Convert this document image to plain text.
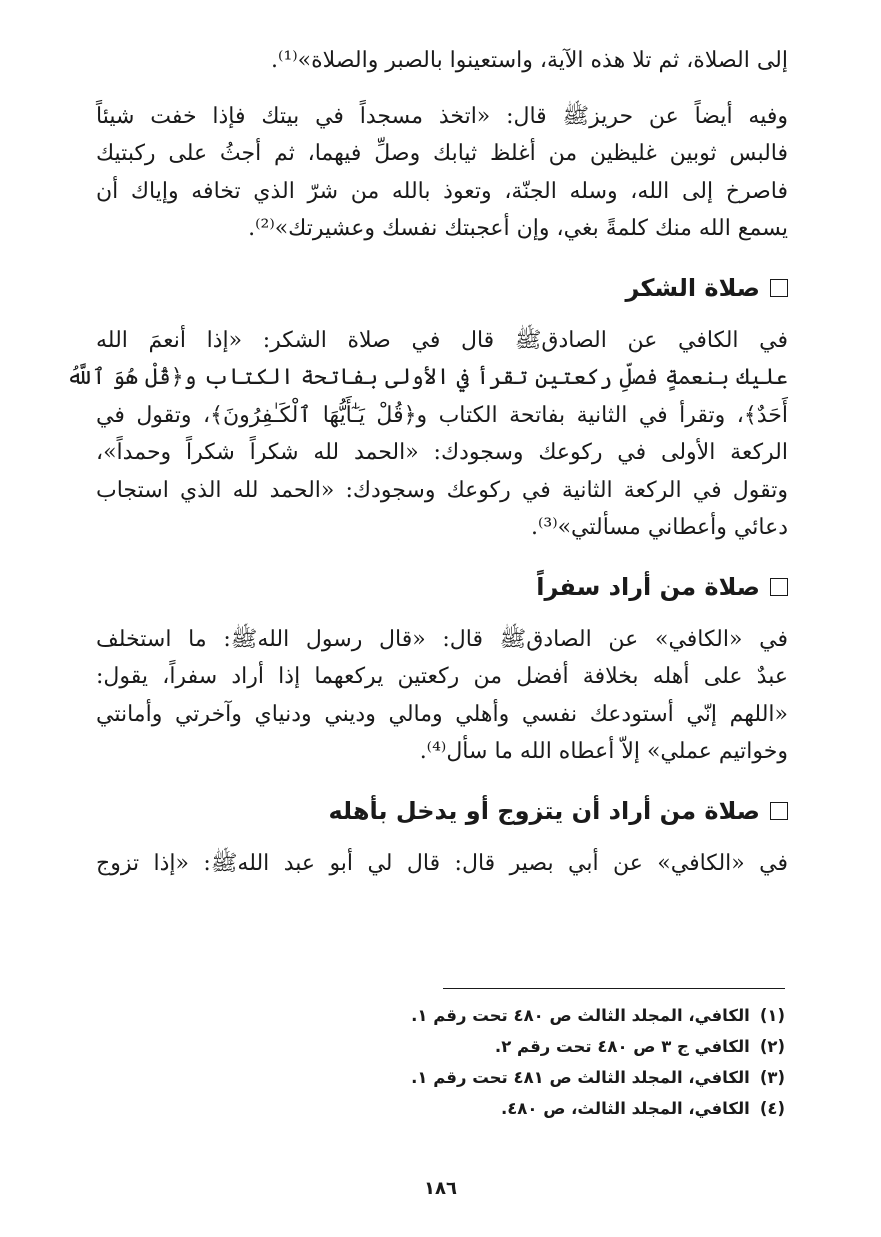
إلى الصلاة، ثم تلا هذه الآية، واستعينوا بالصبر والصلاة»⁽¹⁾.
وفيه أيضاً عن حريزﷺ قال: «اتخذ مسجداً في بيتك فإذا خفت شيئاً
فالبس ثوبين غليظين من أغلظ ثيابك وصلِّ فيهما، ثم أجثُ على ركبتيك
فاصرخ إلى الله، وسله الجنّة، وتعوذ بالله من شرّ الذي تخافه وإياك أن
يسمع الله منك كلمةً بغي، وإن أعجبتك نفسك وعشيرتك»⁽²⁾.
صلاة الشكر
في الكافي عن الصادقﷺ قال في صلاة الشكر: «إذا أنعمَ الله
عليك بنعمةٍ فصلِّ ركعتين تقرأ في الأولى بفاتحة الكتاب و﴿قُلْ هُوَ ٱللَّهُ
أَحَدٌ﴾، وتقرأ في الثانية بفاتحة الكتاب و﴿قُلْ يَـٰٓأَيُّهَا ٱلْكَـٰفِرُونَ﴾، وتقول في
الركعة الأولى في ركوعك وسجودك: «الحمد لله شكراً شكراً وحمداً»،
وتقول في الركعة الثانية في ركوعك وسجودك: «الحمد لله الذي استجاب
دعائي وأعطاني مسألتي»⁽³⁾.
صلاة من أراد سفراً
في «الكافي» عن الصادقﷺ قال: «قال رسول اللهﷺ: ما استخلف
عبدٌ على أهله بخلافة أفضل من ركعتين يركعهما إذا أراد سفراً، يقول:
«اللهم إنّي أستودعك نفسي وأهلي ومالي وديني ودنياي وآخرتي وأمانتي
وخواتيم عملي» إلاّ أعطاه الله ما سأل⁽⁴⁾.
صلاة من أراد أن يتزوج أو يدخل بأهله
في «الكافي» عن أبي بصير قال: قال لي أبو عبد اللهﷺ: «إذا تزوج
(١)الكافي، المجلد الثالث ص ٤٨٠ تحت رقم ١.
(٢)الكافي ج ٣ ص ٤٨٠ تحت رقم ٢.
(٣)الكافي، المجلد الثالث ص ٤٨١ تحت رقم ١.
(٤)الكافي، المجلد الثالث، ص ٤٨٠.
١٨٦
